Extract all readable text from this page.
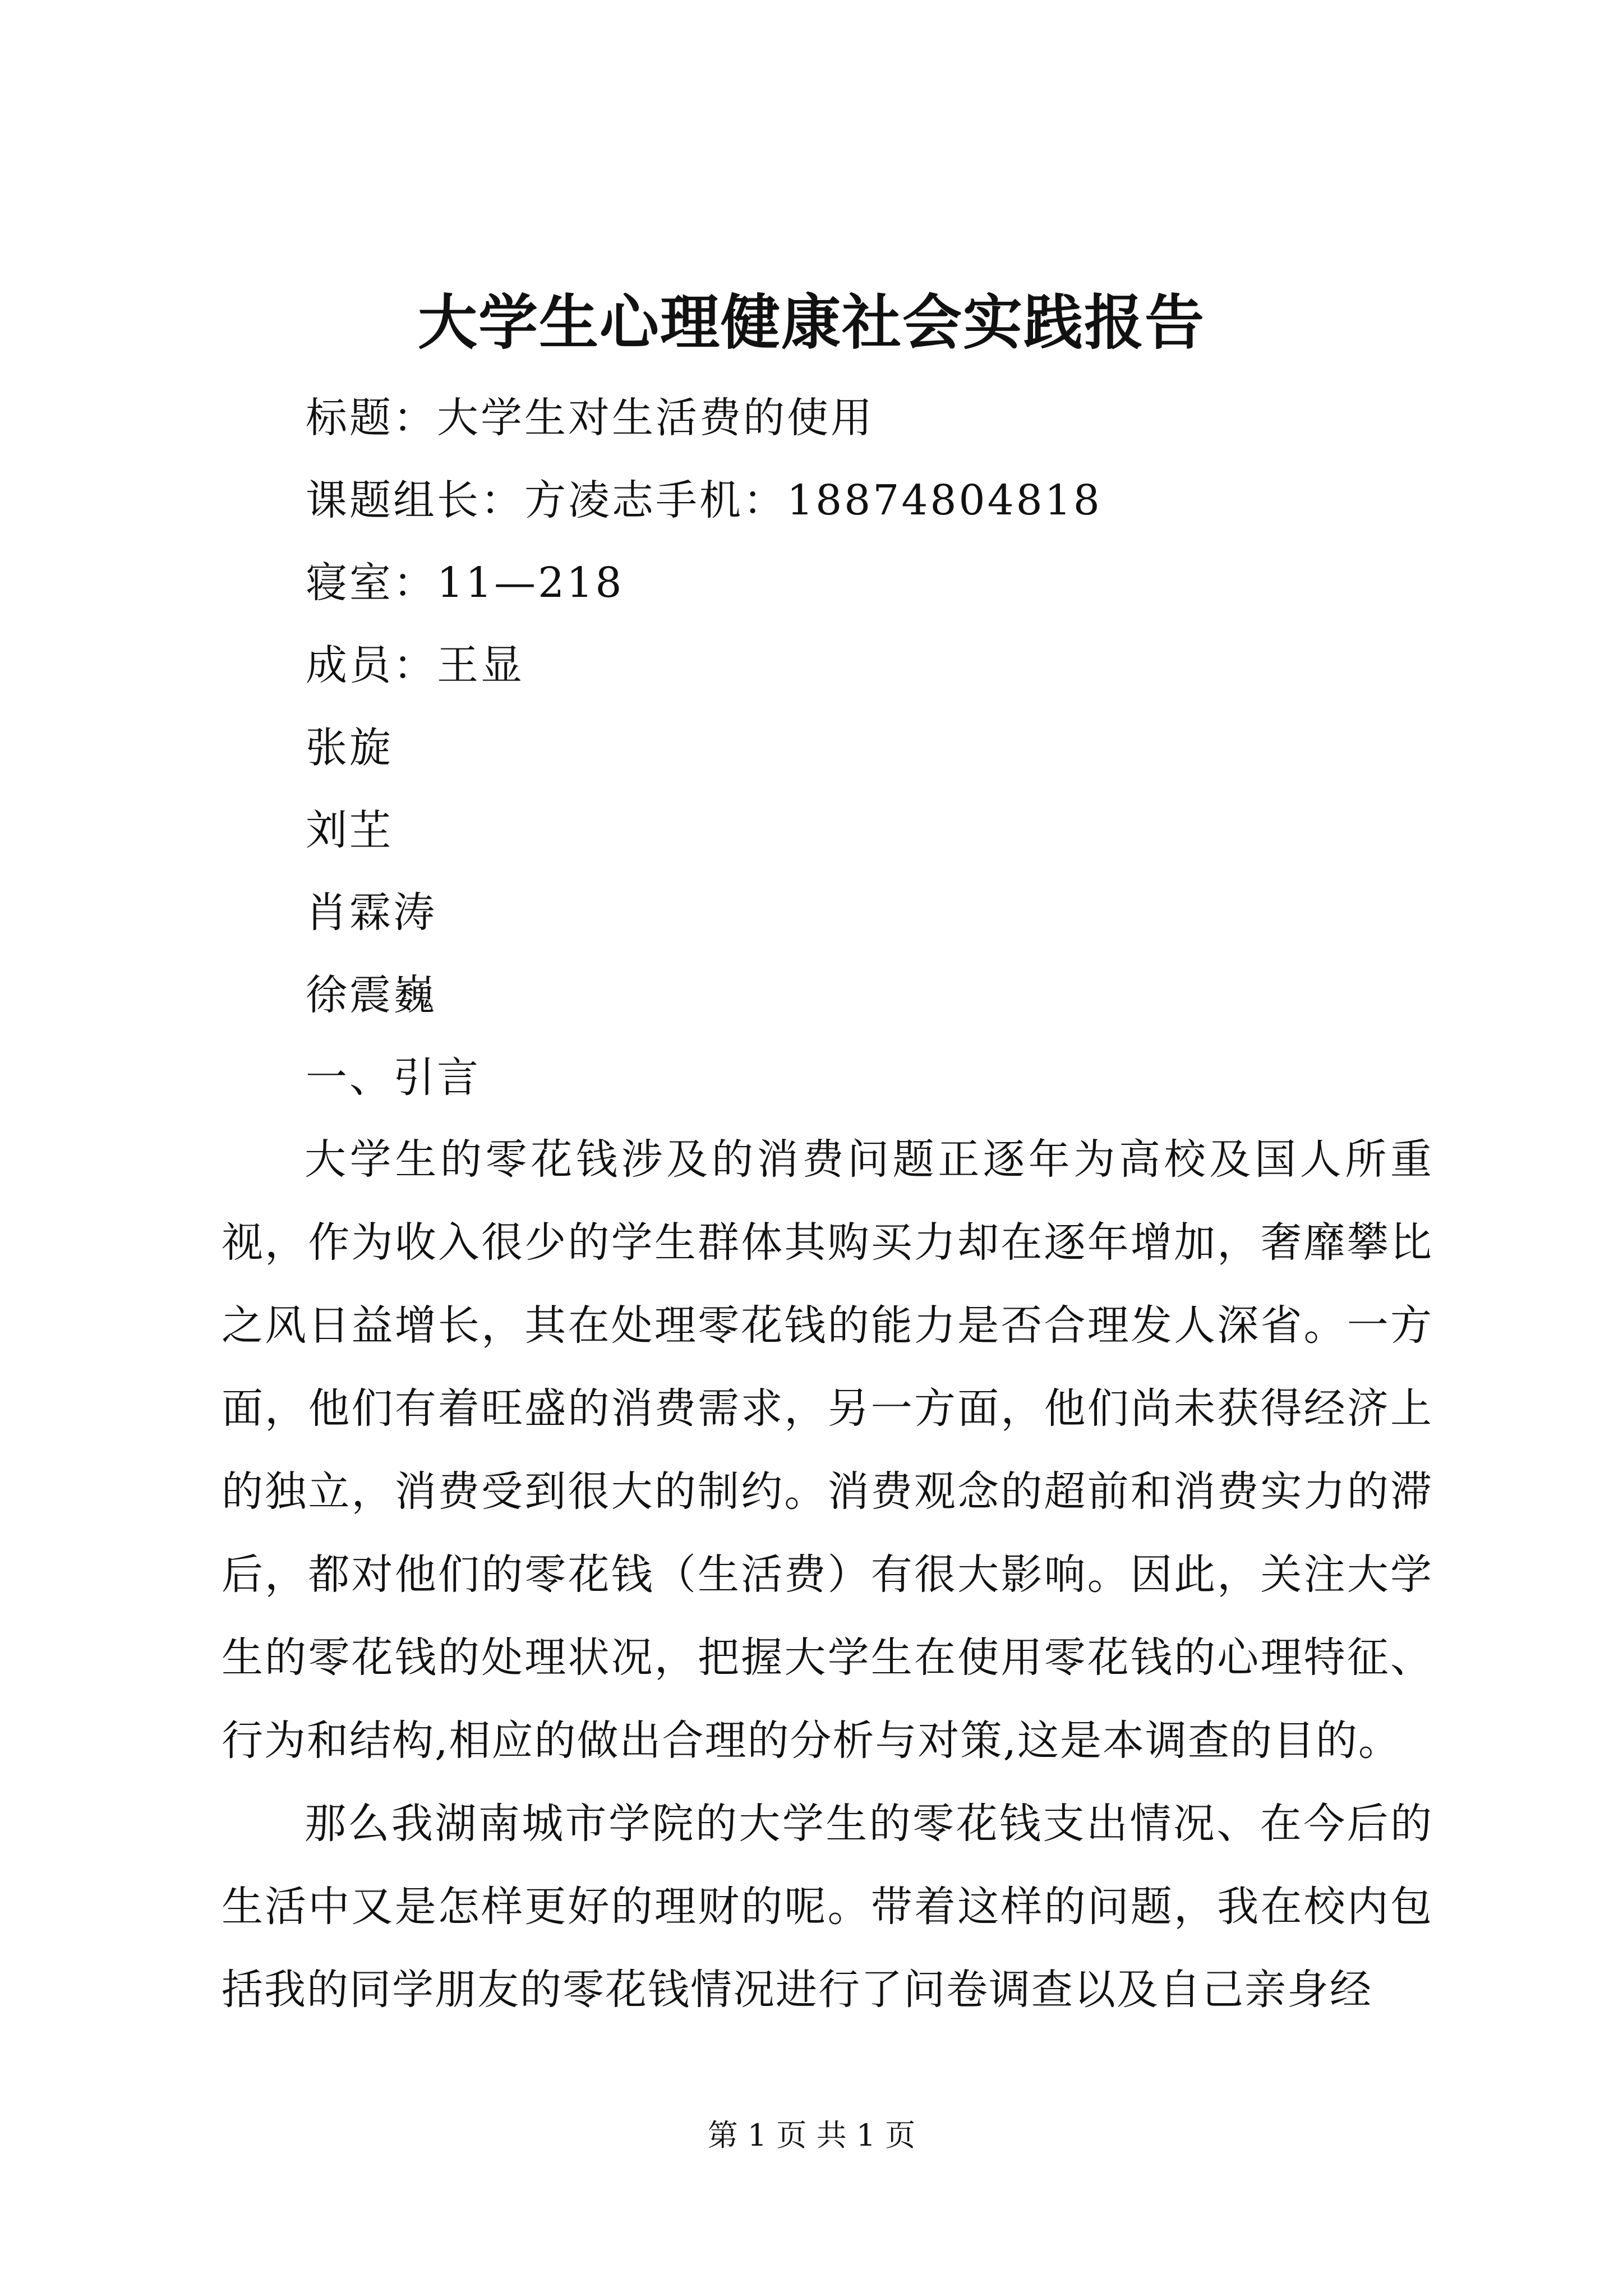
大学生心理健康社会实践报告
标题：大学生对生活费的使用
课题组长：方凌志手机：18874804818
寝室：11—218
成员：王显
张旋
刘芏
肖霖涛
徐震巍
一、引言

大学生的零花钱涉及的消费问题正逐年为高校及国人所重视，作为收入很少的学生群体其购买力却在逐年增加，奢靡攀比之风日益增长，其在处理零花钱的能力是否合理发人深省。一方面，他们有着旺盛的消费需求，另一方面，他们尚未获得经济上的独立，消费受到很大的制约。消费观念的超前和消费实力的滞后，都对他们的零花钱（生活费）有很大影响。因此，关注大学生的零花钱的处理状况，把握大学生在使用零花钱的心理特征、行为和结构,相应的做出合理的分析与对策,这是本调查的目的。

那么我湖南城市学院的大学生的零花钱支出情况、在今后的生活中又是怎样更好的理财的呢。带着这样的问题，我在校内包括我的同学朋友的零花钱情况进行了问卷调查以及自己亲身经

第 1 页 共 1 页
